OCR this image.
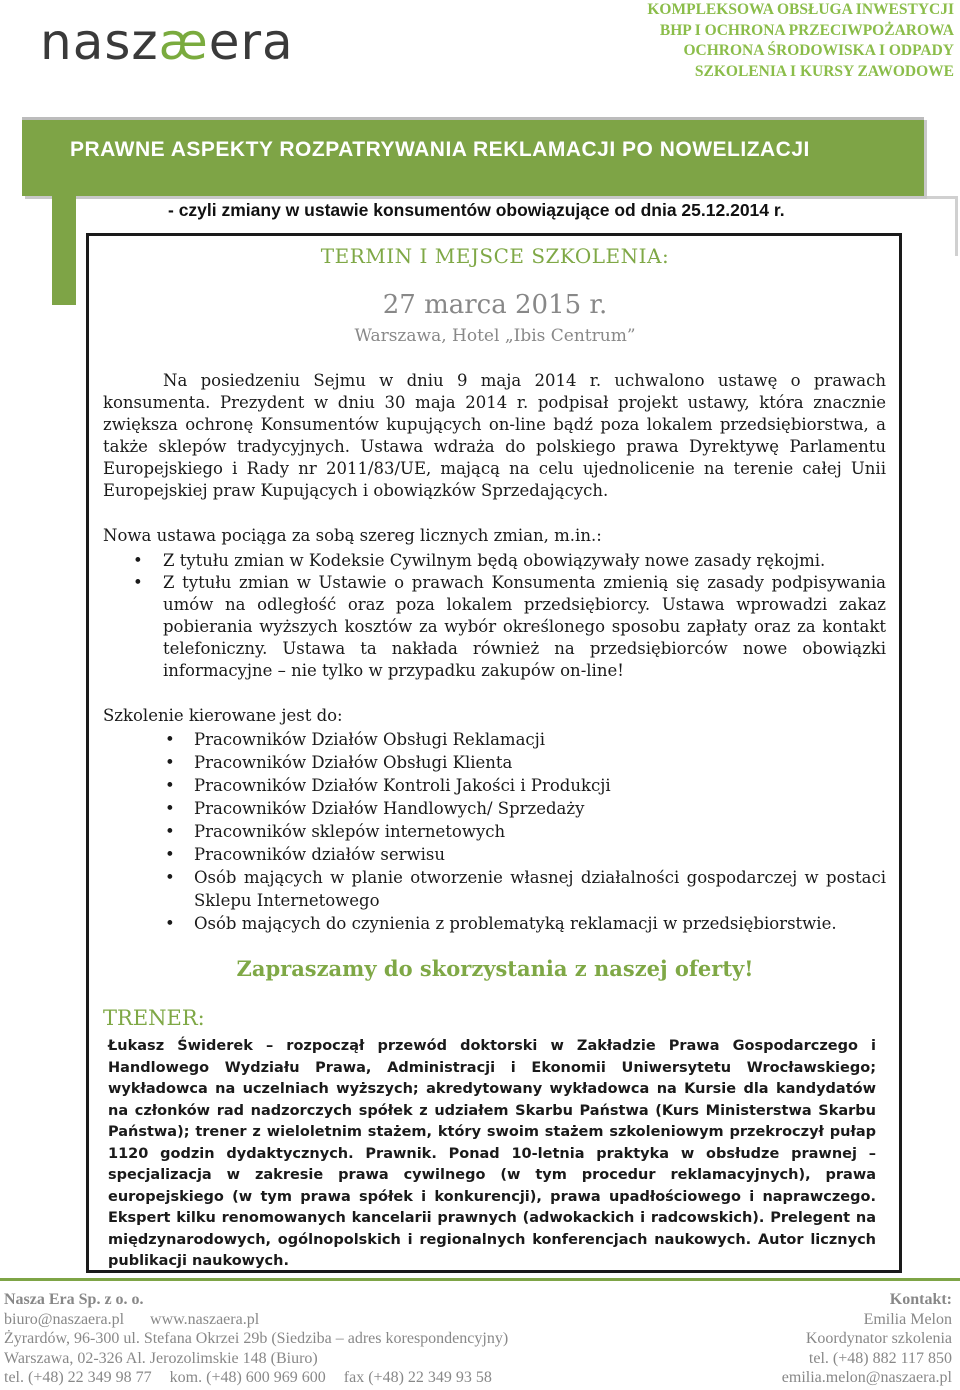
naszæera
KOMPLEKSOWA OBSŁUGA INWESTYCJI
BHP I OCHRONA PRZECIWPOŻAROWA
OCHRONA ŚRODOWISKA I ODPADY
SZKOLENIA I KURSY ZAWODOWE
PRAWNE ASPEKTY ROZPATRYWANIA REKLAMACJI PO NOWELIZACJI
- czyli zmiany w ustawie konsumentów obowiązujące od dnia 25.12.2014 r.
TERMIN I MEJSCE SZKOLENIA:
27 marca 2015 r.
Warszawa, Hotel „Ibis Centrum”
Na posiedzeniu Sejmu w dniu 9 maja 2014 r. uchwalono ustawę o prawach konsumenta. Prezydent w dniu 30 maja 2014 r. podpisał projekt ustawy, która znacznie zwiększa ochronę Konsumentów kupujących on-line bądź poza lokalem przedsiębiorstwa, a także sklepów tradycyjnych. Ustawa wdraża do polskiego prawa Dyrektywę Parlamentu Europejskiego i Rady nr 2011/83/UE, mającą na celu ujednolicenie na terenie całej Unii Europejskiej praw Kupujących i obowiązków Sprzedających.
Nowa ustawa pociąga za sobą szereg licznych zmian, m.in.:
• Z tytułu zmian w Kodeksie Cywilnym będą obowiązywały nowe zasady rękojmi.
• Z tytułu zmian w Ustawie o prawach Konsumenta zmienią się zasady podpisywania umów na odległość oraz poza lokalem przedsiębiorcy. Ustawa wprowadzi zakaz pobierania wyższych kosztów za wybór określonego sposobu zapłaty oraz za kontakt telefoniczny. Ustawa ta nakłada również na przedsiębiorców nowe obowiązki informacyjne – nie tylko w przypadku zakupów on-line!
Szkolenie kierowane jest do:
• Pracowników Działów Obsługi Reklamacji
• Pracowników Działów Obsługi Klienta
• Pracowników Działów Kontroli Jakości i Produkcji
• Pracowników Działów Handlowych/ Sprzedaży
• Pracowników sklepów internetowych
• Pracowników działów serwisu
• Osób mających w planie otworzenie własnej działalności gospodarczej w postaci Sklepu Internetowego
• Osób mających do czynienia z problematyką reklamacji w przedsiębiorstwie.
Zapraszamy do skorzystania z naszej oferty!
TRENER:
Łukasz Świderek – rozpoczął przewód doktorski w Zakładzie Prawa Gospodarczego i Handlowego Wydziału Prawa, Administracji i Ekonomii Uniwersytetu Wrocławskiego; wykładowca na uczelniach wyższych; akredytowany wykładowca na Kursie dla kandydatów na członków rad nadzorczych spółek z udziałem Skarbu Państwa (Kurs Ministerstwa Skarbu Państwa); trener z wieloletnim stażem, który swoim stażem szkoleniowym przekroczył pułap 1120 godzin dydaktycznych. Prawnik. Ponad 10-letnia praktyka w obsłudze prawnej – specjalizacja w zakresie prawa cywilnego (w tym procedur reklamacyjnych), prawa europejskiego (w tym prawa spółek i konkurencji), prawa upadłościowego i naprawczego. Ekspert kilku renomowanych kancelarii prawnych (adwokackich i radcowskich). Prelegent na międzynarodowych, ogólnopolskich i regionalnych konferencjach naukowych. Autor licznych publikacji naukowych.
Nasza Era Sp. z o. o.
biuro@naszaera.pl www.naszaera.pl
Żyrardów, 96-300 ul. Stefana Okrzei 29b (Siedziba – adres korespondencyjny)
Warszawa, 02-326 Al. Jerozolimskie 148 (Biuro)
tel. (+48) 22 349 98 77 kom. (+48) 600 969 600 fax (+48) 22 349 93 58
Kontakt:
Emilia Melon
Koordynator szkolenia
tel. (+48) 882 117 850
emilia.melon@naszaera.pl
